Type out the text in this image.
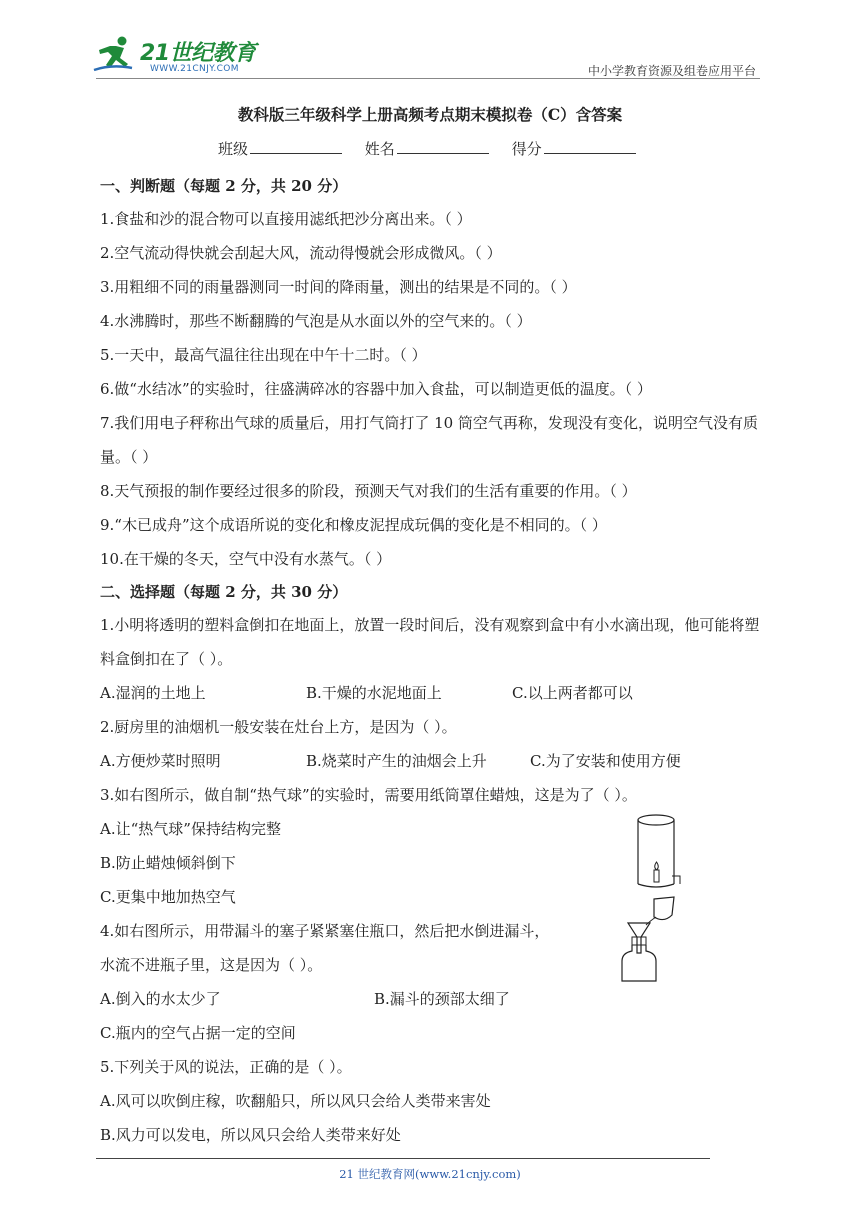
21世纪教育
WWW.21CNJY.COM	中小学教育资源及组卷应用平台
教科版三年级科学上册高频考点期末模拟卷（C）含答案
班级	姓名	得分
一、判断题（每题 2 分，共 20 分）
1.食盐和沙的混合物可以直接用滤纸把沙分离出来。（ ）
2.空气流动得快就会刮起大风，流动得慢就会形成微风。（ ）
3.用粗细不同的雨量器测同一时间的降雨量，测出的结果是不同的。（ ）
4.水沸腾时，那些不断翻腾的气泡是从水面以外的空气来的。（ ）
5.一天中，最高气温往往出现在中午十二时。（ ）
6.做“水结冰”的实验时，往盛满碎冰的容器中加入食盐，可以制造更低的温度。（ ）
7.我们用电子秤称出气球的质量后，用打气筒打了 10 筒空气再称，发现没有变化，说明空气没有质量。（ ）
8.天气预报的制作要经过很多的阶段，预测天气对我们的生活有重要的作用。（ ）
9.“木已成舟”这个成语所说的变化和橡皮泥捏成玩偶的变化是不相同的。（ ）
10.在干燥的冬天，空气中没有水蒸气。（ ）
二、选择题（每题 2 分，共 30 分）
1.小明将透明的塑料盒倒扣在地面上，放置一段时间后，没有观察到盒中有小水滴出现，他可能将塑料盒倒扣在了（ ）。
A.湿润的土地上	B.干燥的水泥地面上	C.以上两者都可以
2.厨房里的油烟机一般安装在灶台上方，是因为（ ）。
A.方便炒菜时照明	B.烧菜时产生的油烟会上升	C.为了安装和使用方便
3.如右图所示，做自制“热气球”的实验时，需要用纸筒罩住蜡烛，这是为了（ ）。
A.让“热气球”保持结构完整
B.防止蜡烛倾斜倒下
C.更集中地加热空气
4.如右图所示，用带漏斗的塞子紧紧塞住瓶口，然后把水倒进漏斗，
水流不进瓶子里，这是因为（ ）。
A.倒入的水太少了	B.漏斗的颈部太细了
C.瓶内的空气占据一定的空间
5.下列关于风的说法，正确的是（ ）。
A.风可以吹倒庄稼，吹翻船只，所以风只会给人类带来害处
B.风力可以发电，所以风只会给人类带来好处
21 世纪教育网(www.21cnjy.com)
